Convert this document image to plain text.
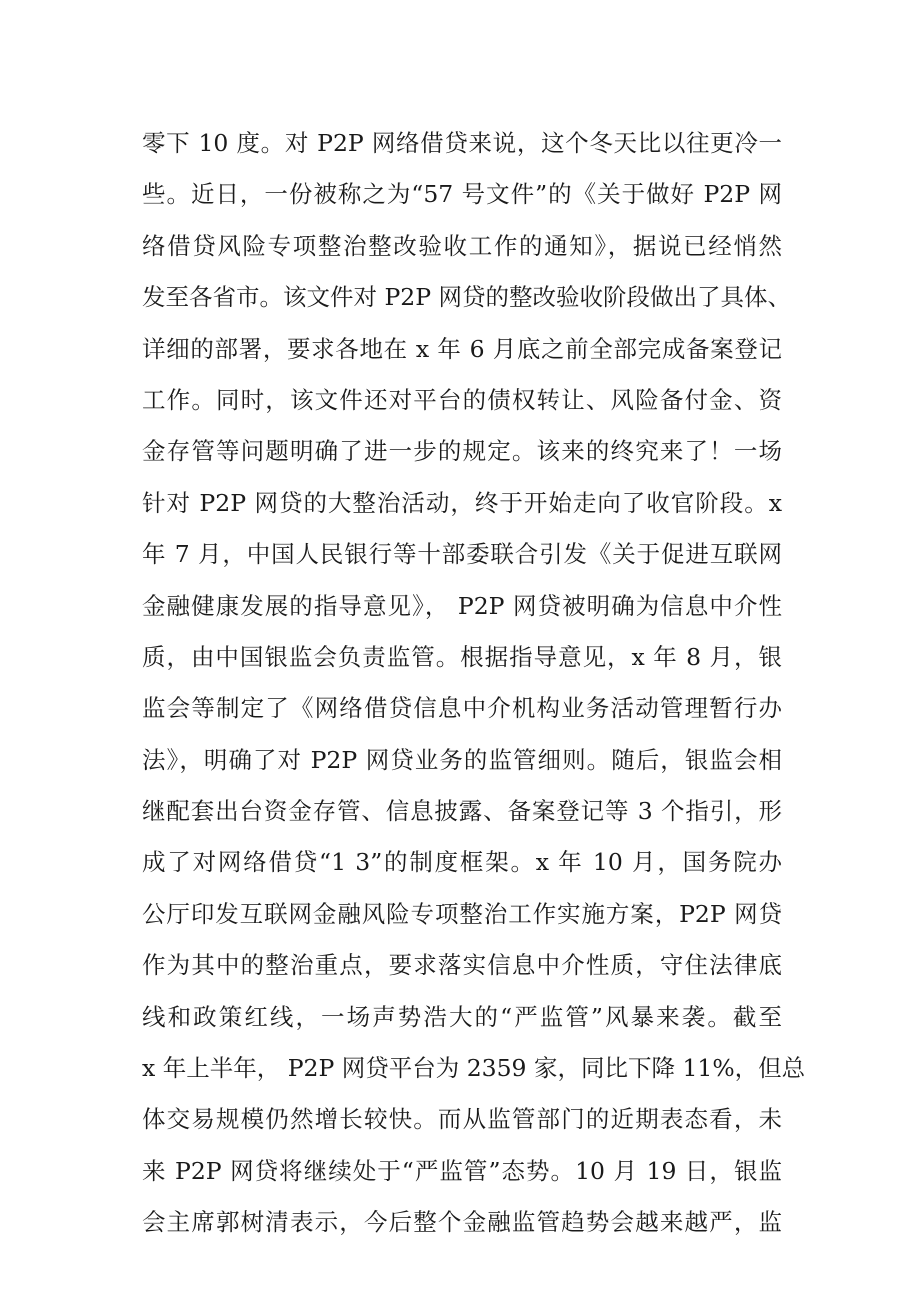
零下 10 度。对 P2P 网络借贷来说，这个冬天比以往更冷一
些。近日，一份被称之为“57 号文件”的《关于做好 P2P 网
络借贷风险专项整治整改验收工作的通知》，据说已经悄然
发至各省市。该文件对 P2P 网贷的整改验收阶段做出了具体、
详细的部署，要求各地在 x 年 6 月底之前全部完成备案登记
工作。同时，该文件还对平台的债权转让、风险备付金、资
金存管等问题明确了进一步的规定。该来的终究来了！一场
针对 P2P 网贷的大整治活动，终于开始走向了收官阶段。x
年 7 月，中国人民银行等十部委联合引发《关于促进互联网
金融健康发展的指导意见》， P2P 网贷被明确为信息中介性
质，由中国银监会负责监管。根据指导意见，x 年 8 月，银
监会等制定了《网络借贷信息中介机构业务活动管理暂行办
法》，明确了对 P2P 网贷业务的监管细则。随后，银监会相
继配套出台资金存管、信息披露、备案登记等 3 个指引，形
成了对网络借贷“1 3”的制度框架。x 年 10 月，国务院办
公厅印发互联网金融风险专项整治工作实施方案，P2P 网贷
作为其中的整治重点，要求落实信息中介性质，守住法律底
线和政策红线，一场声势浩大的“严监管”风暴来袭。截至
x 年上半年， P2P 网贷平台为 2359 家，同比下降 11%，但总
体交易规模仍然增长较快。而从监管部门的近期表态看，未
来 P2P 网贷将继续处于“严监管”态势。10 月 19 日，银监
会主席郭树清表示，今后整个金融监管趋势会越来越严，监
